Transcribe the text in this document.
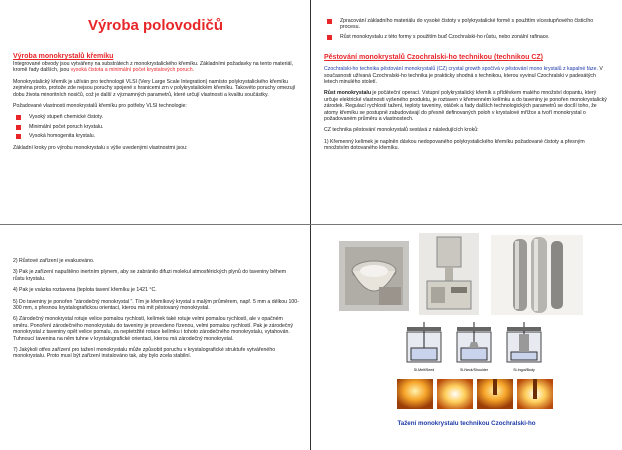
Výroba polovodičů
Výroba monokrystalů křemíku

Integrované obvody jsou vytvářeny na substrátech z monokrystalického křemíku. Základními požadavky na tento materiál, kromě řady dalších, jsou vysoká čistota a minimální počet krystalových poruch.

Monokrystalický křemík je užíván pro technologii VLSI (Very Large Scale Integration) namísto polykrystalického křemíku zejména proto, protože zde nejsou poruchy spojené s hranicemi zrn v polykrystalickém křemíku. Takovéto poruchy omezují dobu života minoritních nosičů, což je další z významných parametrů, které určují vlastnosti a kvalitu součástky.

Požadované vlastnosti monokrystalů křemíku pro potřeby VLSI technologie:

Vysoký stupeň chemické čistoty.
Minimální počet poruch krystalu.
Vysoká homogenita krystalu.

Základní kroky pro výrobu monokrystalu s výše uvedenými vlastnostmi jsou:

Zpracování základního materiálu do vysoké čistoty v polykrystalické formě s použitím vícestupňového čisticího procesu.
Růst monokrystalu z této formy s použitím buď Czochralski-ho růstu, nebo zonální rafinace.
Pěstování monokrystalů Czochralski-ho technikou (technikou CZ)

Czochralski-ho technika pěstování monokrystalů (CZ) crystal growth spočívá v pěstování mono krystalů z kapalné fáze. V současnosti užívaná Czochralski-ho technika je prakticky shodná s technikou, kterou vyvinul Czochralski v padesátých letech minulého století.

Růst monokrystalu je počáteční operací. Vstupní polykrystalický křemík s příděvkem malého množství dopantu, který určuje elektrické vlastnosti vyšeného produktu, je roztaven v křemenném kelímku a do taveniny je ponořen monokrystalický zárodek. Regulací rychlostí tažení, teploty taveniny, otáček a řady dalších technologických parametrů se docílí toho, že atomy křemíku se postupně zabudovávají do přesně definovaných poloh v krystalové mřížce a tvoří monokrystal o požadovaném průměru a vlastnostech.

CZ technika pěstování monokrystalů sestává z následujících kroků:

1) Křemenný kelímek je naplněn dávkou nedopovaného polykrystalického křemíku požadované čistoty a přesným množstvím dotovaného křemíku.

2) Růstové zařízení je evakuováno.

3) Pak je zařízení napuštěno inertním plynem, aby se zabránilo difuzi molekul atmosférických plynů do taveniny během růstu krystalu.

4) Pak je vsázka roztavena (teplota tavení křemíku je 1421 °C.

5) Do taveniny je ponořen "zárodečný monokrystal ". Tím je křemíkový krystal s malým průměrem, např. 5 mm a délkou 100-300 mm, s přesnou krystalografickou orientací, kterou má mít pěstovaný monokrystal.

6) Zárodečný monokrystal rotuje velice pomalou rychlostí, kelímek také rotuje velmi pomalou rychlostí, ale v opačném směru. Ponoření zárodečného monokrystalu do taveniny je provedeno řízenou, velmi pomalou rychlostí. Pak je zárodečný monokrystal z taveniny opět velice pomalu, za neptetržité rotace kelímku i tohoto zárodečného monokrystalu, vytahován. Tuhnoucí tavenina na něm tuhne v krystalografické orientaci, kterou má zárodečný monokrystal.

7) Jakýkoli otřes zařízení pro tažení monokrystalu může způsobit poruchu v krystalografické struktuře vytvářeného monokrystalu. Proto musí být zařízení instalováno tak, aby bylo zcela stabilní.

Si-Melt/Seed	Si-Neck/Shoulder	Si-Ingot/Body
Tažení monokrystalu technikou Czochralski-ho
